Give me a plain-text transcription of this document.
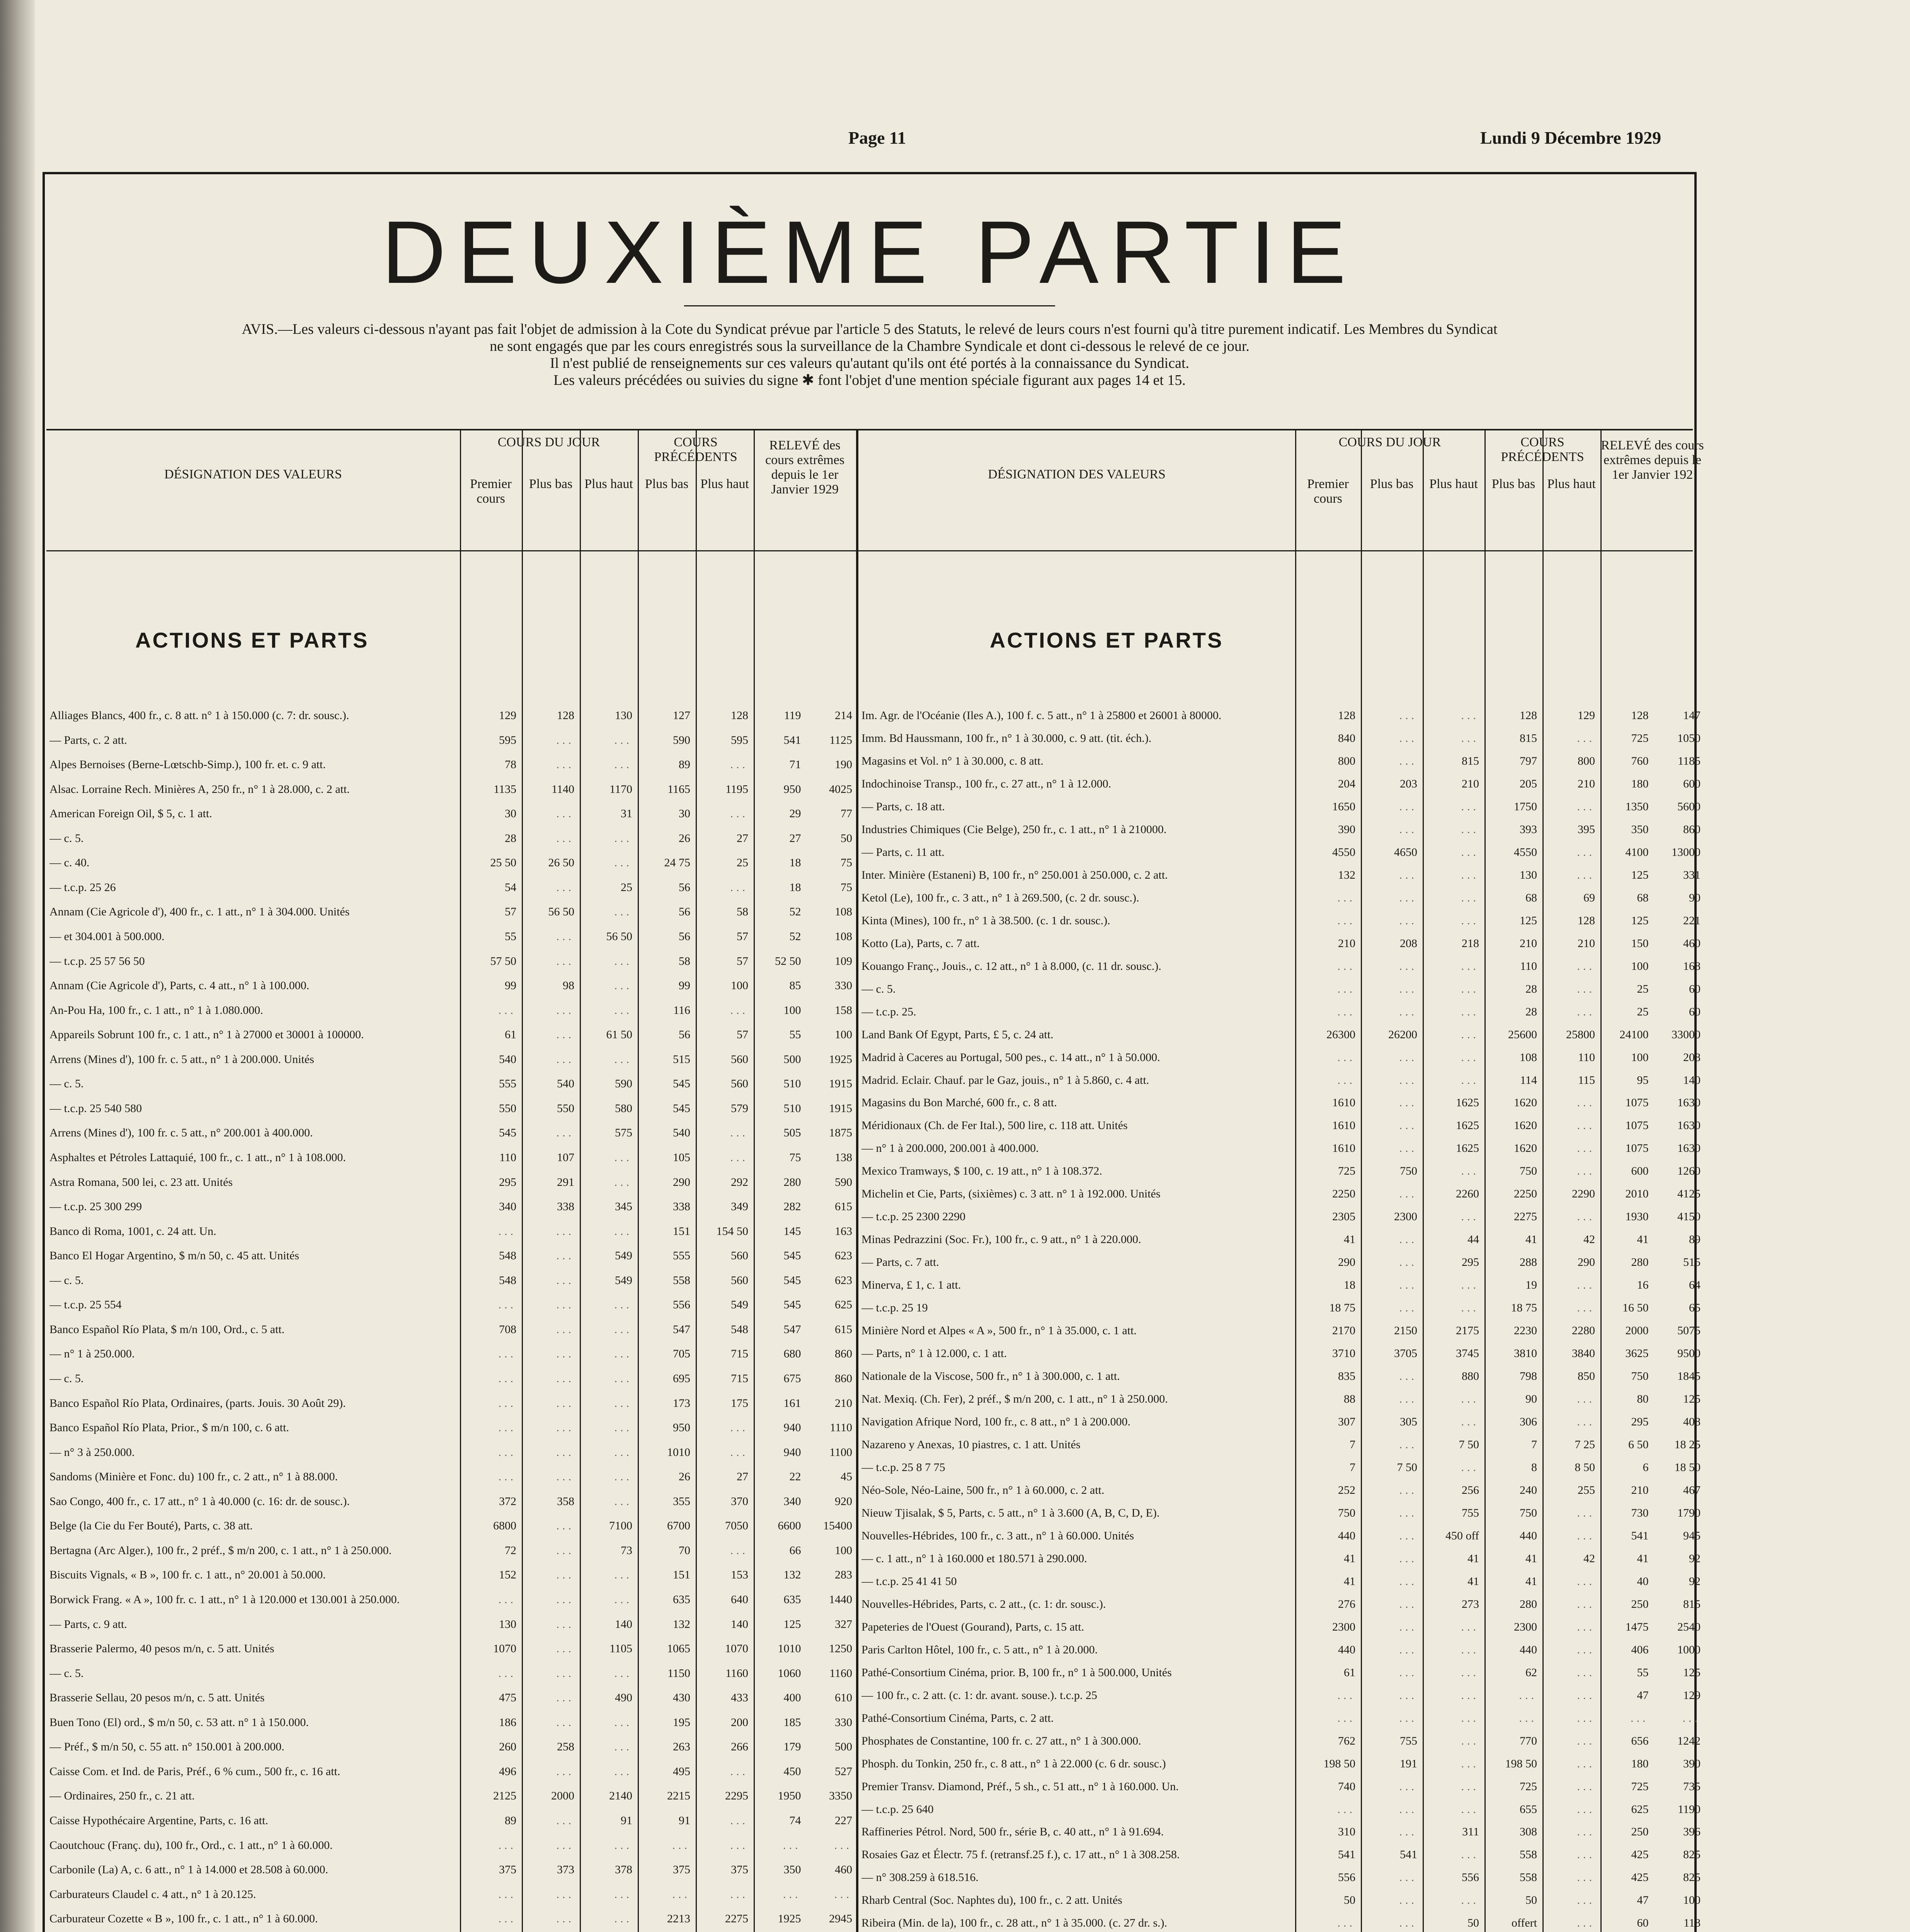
Page 11	Lundi 9 Décembre 1929
DEUXIÈME PARTIE
AVIS.—Les valeurs ci-dessous n'ayant pas fait l'objet de admission à la Cote du Syndicat prévue par l'article 5 des Statuts, le relevé de leurs cours n'est fourni qu'à titre purement indicatif. Les Membres du Syndicat
ne sont engagés que par les cours enregistrés sous la surveillance de la Chambre Syndicale et dont ci-dessous le relevé de ce jour.
Il n'est publié de renseignements sur ces valeurs qu'autant qu'ils ont été portés à la connaissance du Syndicat.
Les valeurs précédées ou suivies du signe ✱ font l'objet d'une mention spéciale figurant aux pages 14 et 15.
DÉSIGNATION DES VALEURS
COURS DU JOUR
Premier cours
Plus bas Plus haut
COURS PRÉCÉDENTS
Plus bas Plus haut
RELEVÉ des cours extrêmes depuis le 1er Janvier 1929
ACTIONS ET PARTS
Alliages Blancs, 400 fr., c. 8 att. n° 1 à 150.000 (c. 7: dr. sousc.).	129	128	130	127	128	119	214
— Parts, c. 2 att.	595	...	...	590	595	541	1125
Alpes Bernoises (Berne-Lœtschb-Simp.), 100 fr. et. c. 9 att.	78	...	...	89	...	71	190
Alsac. Lorraine Rech. Minières A, 250 fr., n° 1 à 28.000, c. 2 att.	1135	1140	1170	1165	1195	950	4025
American Foreign Oil, $ 5, c. 1 att.	30	...	31	30	...	29	77
— c. 5.	28	...	...	26	27	27	50
— c. 40.	25 50	26 50	...	24 75	25	18	75
— t.c.p. 25 26	54	...	25	56	...	18	75
Annam (Cie Agricole d'), 400 fr., c. 1 att., n° 1 à 304.000. Unités	57	56 50	...	56	58	52	108
— et 304.001 à 500.000.	55	...	56 50	56	57	52	108
— t.c.p. 25 57 56 50	57 50	...	...	58	57	52 50	109
Annam (Cie Agricole d'), Parts, c. 4 att., n° 1 à 100.000.	99	98	...	99	100	85	330
An-Pou Ha, 100 fr., c. 1 att., n° 1 à 1.080.000.	...	...	...	116	...	100	158
Appareils Sobrunt 100 fr., c. 1 att., n° 1 à 27000 et 30001 à 100000.	61	...	61 50	56	57	55	100
Arrens (Mines d'), 100 fr. c. 5 att., n° 1 à 200.000. Unités	540	...	...	515	560	500	1925
— c. 5.	555	540	590	545	560	510	1915
— t.c.p. 25 540 580	550	550	580	545	579	510	1915
Arrens (Mines d'), 100 fr. c. 5 att., n° 200.001 à 400.000.	545	...	575	540	...	505	1875
Asphaltes et Pétroles Lattaquié, 100 fr., c. 1 att., n° 1 à 108.000.	110	107	...	105	...	75	138
Astra Romana, 500 lei, c. 23 att. Unités	295	291	...	290	292	280	590
— t.c.p. 25 300 299	340	338	345	338	349	282	615
Banco di Roma, 1001, c. 24 att. Un.	...	...	...	151	154 50	145	163
Banco El Hogar Argentino, $ m/n 50, c. 45 att. Unités	548	...	549	555	560	545	623
— c. 5.	548	...	549	558	560	545	623
— t.c.p. 25 554	...	...	...	556	549	545	625
Banco Español Río Plata, $ m/n 100, Ord., c. 5 att.	708	...	...	547	548	547	615
— n° 1 à 250.000.	...	...	...	705	715	680	860
— c. 5.	...	...	...	695	715	675	860
Banco Español Río Plata, Ordinaires, (parts. Jouis. 30 Août 29).	...	...	...	173	175	161	210
Banco Español Río Plata, Prior., $ m/n 100, c. 6 att.	...	...	...	950	...	940	1110
— n° 3 à 250.000.	...	...	...	1010	...	940	1100
Sandoms (Minière et Fonc. du) 100 fr., c. 2 att., n° 1 à 88.000.	...	...	...	26	27	22	45
Sao Congo, 400 fr., c. 17 att., n° 1 à 40.000 (c. 16: dr. de sousc.).	372	358	...	355	370	340	920
Belge (la Cie du Fer Bouté), Parts, c. 38 att.	6800	...	7100	6700	7050	6600	15400
Bertagna (Arc Alger.), 100 fr., 2 préf., $ m/n 200, c. 1 att., n° 1 à 250.000.	72	...	73	70	...	66	100
Biscuits Vignals, « B », 100 fr. c. 1 att., n° 20.001 à 50.000.	152	...	...	151	153	132	283
Borwick Frang. « A », 100 fr. c. 1 att., n° 1 à 120.000 et 130.001 à 250.000.	...	...	...	635	640	635	1440
— Parts, c. 9 att.	130	...	140	132	140	125	327
Brasserie Palermo, 40 pesos m/n, c. 5 att. Unités	1070	...	1105	1065	1070	1010	1250
— c. 5.	...	...	...	1150	1160	1060	1160
Brasserie Sellau, 20 pesos m/n, c. 5 att. Unités	475	...	490	430	433	400	610
Buen Tono (El) ord., $ m/n 50, c. 53 att. n° 1 à 150.000.	186	...	...	195	200	185	330
— Préf., $ m/n 50, c. 55 att. n° 150.001 à 200.000.	260	258	...	263	266	179	500
Caisse Com. et Ind. de Paris, Préf., 6 % cum., 500 fr., c. 16 att.	496	...	...	495	...	450	527
— Ordinaires, 250 fr., c. 21 att.	2125	2000	2140	2215	2295	1950	3350
Caisse Hypothécaire Argentine, Parts, c. 16 att.	89	...	91	91	...	74	227
Caoutchouc (Franç. du), 100 fr., Ord., c. 1 att., n° 1 à 60.000.	...	...	...	...	...	...	...
Carbonile (La) A, c. 6 att., n° 1 à 14.000 et 28.508 à 60.000.	375	373	378	375	375	350	460
Carburateurs Claudel c. 4 att., n° 1 à 20.125.	...	...	...	...	...	...	...
Carburateur Cozette « B », 100 fr., c. 1 att., n° 1 à 60.000.	...	...	...	2213	2275	1925	2945
DÉSIGNATION DES VALEURS
COURS DU JOUR
Premier cours
Plus bas	Plus haut
COURS PRÉCÉDENTS
Plus bas Plus haut
RELEVÉ des cours extrêmes depuis le 1er Janvier 192
ACTIONS ET PARTS
Im. Agr. de l'Océanie (Iles A.), 100 f. c. 5 att., n° 1 à 25800 et 26001 à 80000.	128	...	...	128	129	128	147
Imm. Bd Haussmann, 100 fr., n° 1 à 30.000, c. 9 att. (tit. éch.).	840	...	...	815	...	725	1050
Magasins et Vol. n° 1 à 30.000, c. 8 att.	800	...	815	797	800	760	1185
Indochinoise Transp., 100 fr., c. 27 att., n° 1 à 12.000.	204	203	210	205	210	180	600
— Parts, c. 18 att.	1650	...	...	1750	...	1350	5600
Industries Chimiques (Cie Belge), 250 fr., c. 1 att., n° 1 à 210000.	390	...	...	393	395	350	860
— Parts, c. 11 att.	4550	4650	...	4550	...	4100	13000
Inter. Minière (Estaneni) B, 100 fr., n° 250.001 à 250.000, c. 2 att.	132	...	...	130	...	125	331
Ketol (Le), 100 fr., c. 3 att., n° 1 à 269.500, (c. 2 dr. sousc.).	...	...	...	68	69	68	90
Kinta (Mines), 100 fr., n° 1 à 38.500. (c. 1 dr. sousc.).	...	...	...	125	128	125	221
Kotto (La), Parts, c. 7 att.	210	208	218	210	210	150	460
Kouango Franç., Jouis., c. 12 att., n° 1 à 8.000, (c. 11 dr. sousc.).	...	...	...	110	...	100	168
— c. 5.	...	...	...	28	...	25	60
— t.c.p. 25.	...	...	...	28	...	25	60
Land Bank Of Egypt, Parts, £ 5, c. 24 att.	26300	26200	...	25600	25800	24100	33000
Madrid à Caceres au Portugal, 500 pes., c. 14 att., n° 1 à 50.000.	...	...	...	108	110	100	208
Madrid. Eclair. Chauf. par le Gaz, jouis., n° 1 à 5.860, c. 4 att.	...	...	...	114	115	95	140
Magasins du Bon Marché, 600 fr., c. 8 att.	1610	...	1625	1620	...	1075	1630
Méridionaux (Ch. de Fer Ital.), 500 lire, c. 118 att. Unités	1610	...	1625	1620	...	1075	1630
— n° 1 à 200.000, 200.001 à 400.000.	1610	...	1625	1620	...	1075	1630
Mexico Tramways, $ 100, c. 19 att., n° 1 à 108.372.	725	750	...	750	...	600	1260
Michelin et Cie, Parts, (sixièmes) c. 3 att. n° 1 à 192.000. Unités	2250	...	2260	2250	2290	2010	4125
— t.c.p. 25 2300 2290	2305	2300	...	2275	...	1930	4150
Minas Pedrazzini (Soc. Fr.), 100 fr., c. 9 att., n° 1 à 220.000.	41	...	44	41	42	41	89
— Parts, c. 7 att.	290	...	295	288	290	280	515
Minerva, £ 1, c. 1 att.	18	...	...	19	...	16	64
— t.c.p. 25 19	18 75	...	...	18 75	...	16 50	65
Minière Nord et Alpes « A », 500 fr., n° 1 à 35.000, c. 1 att.	2170	2150	2175	2230	2280	2000	5075
— Parts, n° 1 à 12.000, c. 1 att.	3710	3705	3745	3810	3840	3625	9500
Nationale de la Viscose, 500 fr., n° 1 à 300.000, c. 1 att.	835	...	880	798	850	750	1845
Nat. Mexiq. (Ch. Fer), 2 préf., $ m/n 200, c. 1 att., n° 1 à 250.000.	88	...	...	90	...	80	125
Navigation Afrique Nord, 100 fr., c. 8 att., n° 1 à 200.000.	307	305	...	306	...	295	408
Nazareno y Anexas, 10 piastres, c. 1 att. Unités	7	...	7 50	7	7 25	6 50	18 25
— t.c.p. 25 8 7 75	7	7 50	...	8	8 50	6	18 50
Néo-Sole, Néo-Laine, 500 fr., n° 1 à 60.000, c. 2 att.	252	...	256	240	255	210	467
Nieuw Tjisalak, $ 5, Parts, c. 5 att., n° 1 à 3.600 (A, B, C, D, E).	750	...	755	750	...	730	1790
Nouvelles-Hébrides, 100 fr., c. 3 att., n° 1 à 60.000. Unités	440	...	450 off	440	...	541	945
— c. 1 att., n° 1 à 160.000 et 180.571 à 290.000.	41	...	41	41	42	41	92
— t.c.p. 25 41 41 50	41	...	41	41	...	40	92
Nouvelles-Hébrides, Parts, c. 2 att., (c. 1: dr. sousc.).	276	...	273	280	...	250	815
Papeteries de l'Ouest (Gourand), Parts, c. 15 att.	2300	...	...	2300	...	1475	2540
Paris Carlton Hôtel, 100 fr., c. 5 att., n° 1 à 20.000.	440	...	...	440	...	406	1000
Pathé-Consortium Cinéma, prior. B, 100 fr., n° 1 à 500.000, Unités	61	...	...	62	...	55	125
— 100 fr., c. 2 att. (c. 1: dr. avant. souse.). t.c.p. 25	...	...	...	...	...	47	129
Pathé-Consortium Cinéma, Parts, c. 2 att.	...	...	...	...	...	...	...
Phosphates de Constantine, 100 fr. c. 27 att., n° 1 à 300.000.	762	755	...	770	...	656	1242
Phosph. du Tonkin, 250 fr., c. 8 att., n° 1 à 22.000 (c. 6 dr. sousc.)	198 50	191	...	198 50	...	180	390
Premier Transv. Diamond, Préf., 5 sh., c. 51 att., n° 1 à 160.000. Un.	740	...	...	725	...	725	735
— t.c.p. 25 640	...	...	...	655	...	625	1190
Raffineries Pétrol. Nord, 500 fr., série B, c. 40 att., n° 1 à 91.694.	310	...	311	308	...	250	396
Rosaies Gaz et Électr. 75 f. (retransf.25 f.), c. 17 att., n° 1 à 308.258.	541	541	...	558	...	425	825
— n° 308.259 à 618.516.	556	...	556	558	...	425	825
Rharb Central (Soc. Naphtes du), 100 fr., c. 2 att. Unités	50	...	...	50	...	47	100
Ribeira (Min. de la), 100 fr., c. 28 att., n° 1 à 35.000. (c. 27 dr. s.).	...	...	50	offert	...	60	118
